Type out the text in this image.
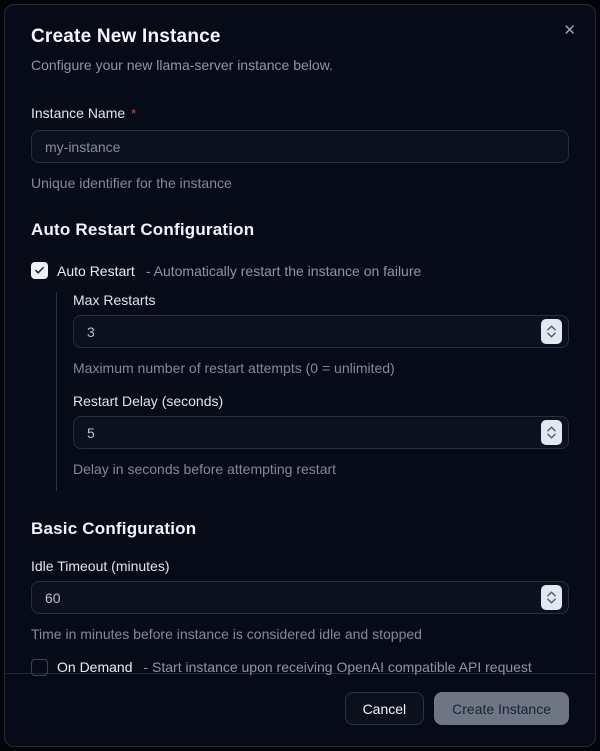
✕
Create New Instance

Configure your new llama-server instance below.

Instance Name *
my-instance

Unique identifier for the instance

Auto Restart Configuration
Auto Restart - Automatically restart the instance on failure
Max Restarts
3

Maximum number of restart attempts (0 = unlimited)

Restart Delay (seconds)
5

Delay in seconds before attempting restart

Basic Configuration
Idle Timeout (minutes)
60

Time in minutes before instance is considered idle and stopped

On Demand - Start instance upon receiving OpenAI compatible API request
Cancel	Create Instance
